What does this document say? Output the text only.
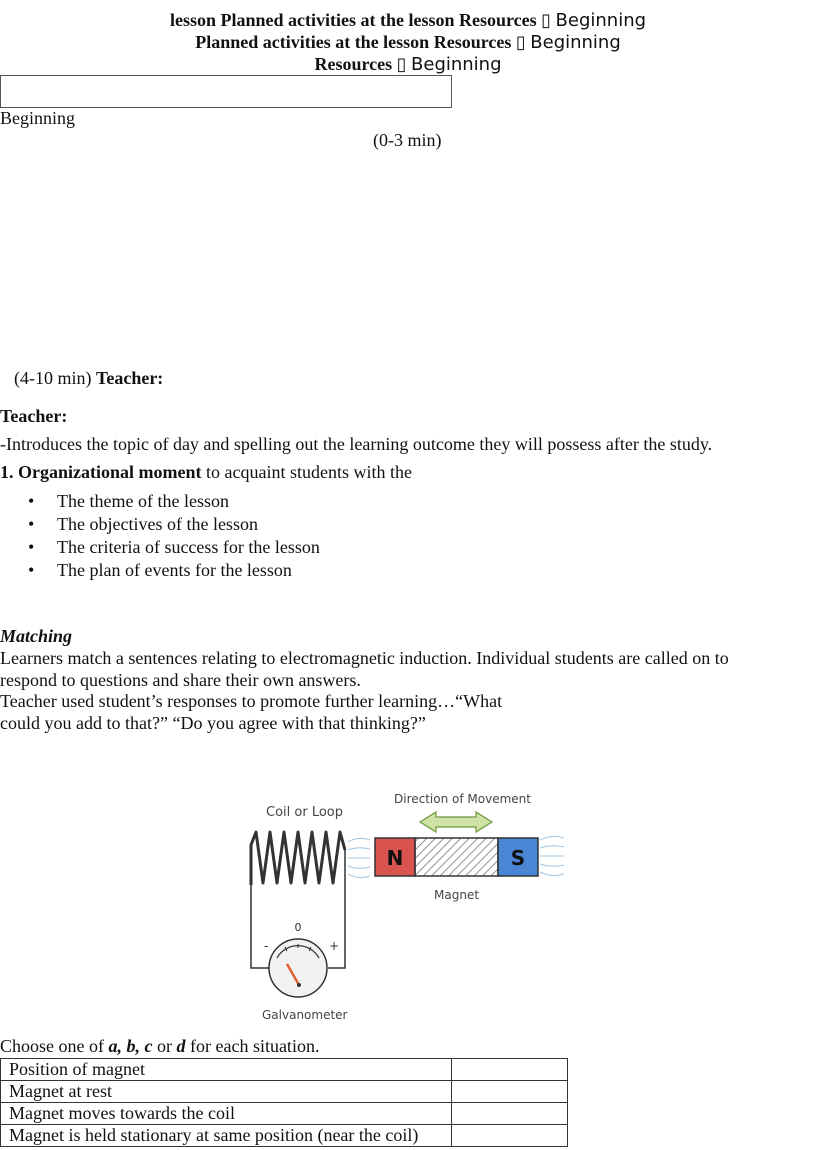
lesson Planned activities at the lesson Resources ▯ Beginning
Planned activities at the lesson Resources ▯ Beginning
Resources ▯ Beginning
Beginning
(0-3 min)
(4-10 min) Teacher:
Teacher:
-Introduces the topic of day and spelling out the learning outcome they will possess after the study.
1. Organizational moment to acquaint students with the
• The theme of the lesson
• The objectives of the lesson
• The criteria of success for the lesson
• The plan of events for the lesson
Matching
Learners match a sentences relating to electromagnetic induction. Individual students are called on to
respond to questions and share their own answers.
Teacher used student’s responses to promote further learning…“What
could you add to that?” “Do you agree with that thinking?”
Coil or Loop
Direction of Movement
N	S
Magnet
0
-	+
Galvanometer
Choose one of a, b, c or d for each situation.
Position of magnet	
Magnet at rest	
Magnet moves towards the coil	
Magnet is held stationary at same position (near the coil)	
